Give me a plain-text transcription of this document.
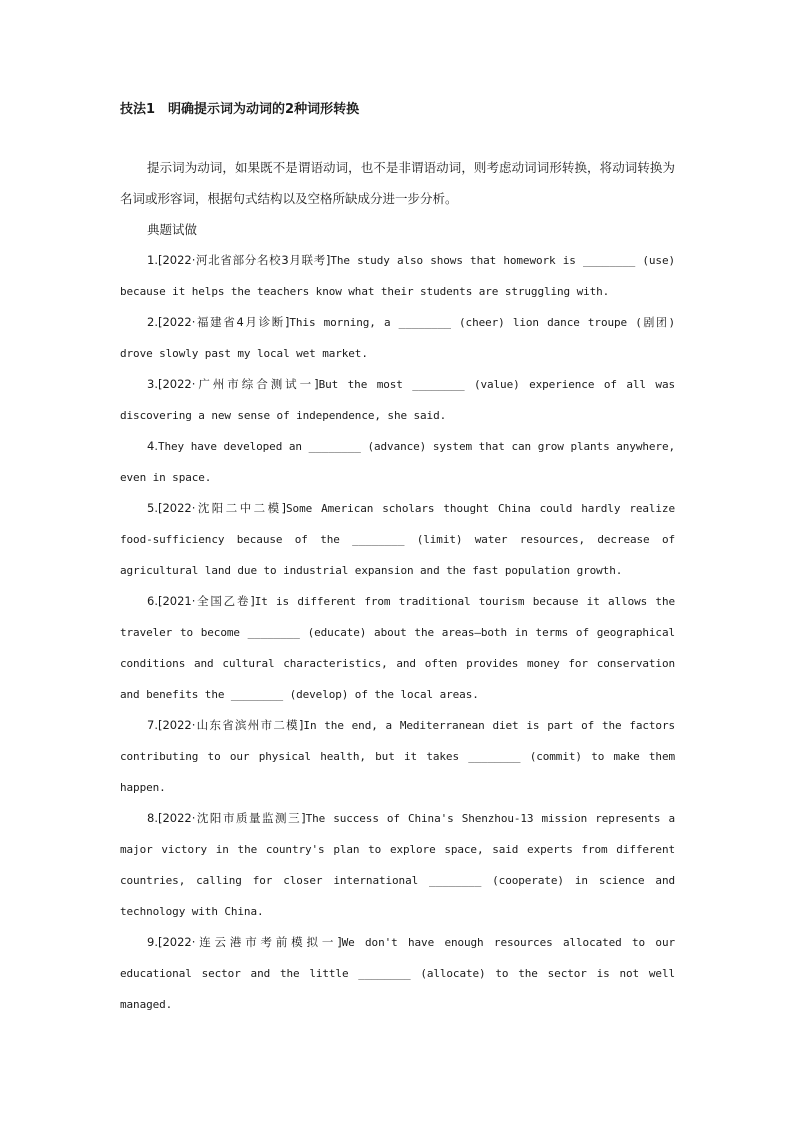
技法1　明确提示词为动词的2种词形转换

提示词为动词，如果既不是谓语动词，也不是非谓语动词，则考虑动词词形转换，将动词转换为名词或形容词，根据句式结构以及空格所缺成分进一步分析。

典题试做

1.[2022·河北省部分名校3月联考]The study also shows that homework is ________ (use) because it helps the teachers know what their students are struggling with.

2.[2022·福建省4月诊断]This morning, a ________ (cheer) lion dance troupe (剧团) drove slowly past my local wet market.

3.[2022·广州市综合测试一]But the most ________ (value) experience of all was discovering a new sense of independence, she said.

4.They have developed an ________ (advance) system that can grow plants anywhere, even in space.

5.[2022·沈阳二中二模]Some American scholars thought China could hardly realize food-sufficiency because of the ________ (limit) water resources, decrease of agricultural land due to industrial expansion and the fast population growth.

6.[2021·全国乙卷]It is different from traditional tourism because it allows the traveler to become ________ (educate) about the areas—both in terms of geographical conditions and cultural characteristics, and often provides money for conservation and benefits the ________ (develop) of the local areas.

7.[2022·山东省滨州市二模]In the end, a Mediterranean diet is part of the factors contributing to our physical health, but it takes ________ (commit) to make them happen.

8.[2022·沈阳市质量监测三]The success of China's Shenzhou-13 mission represents a major victory in the country's plan to explore space, said experts from different countries, calling for closer international ________ (cooperate) in science and technology with China.

9.[2022·连云港市考前模拟一]We don't have enough resources allocated to our educational sector and the little ________ (allocate) to the sector is not well managed.
